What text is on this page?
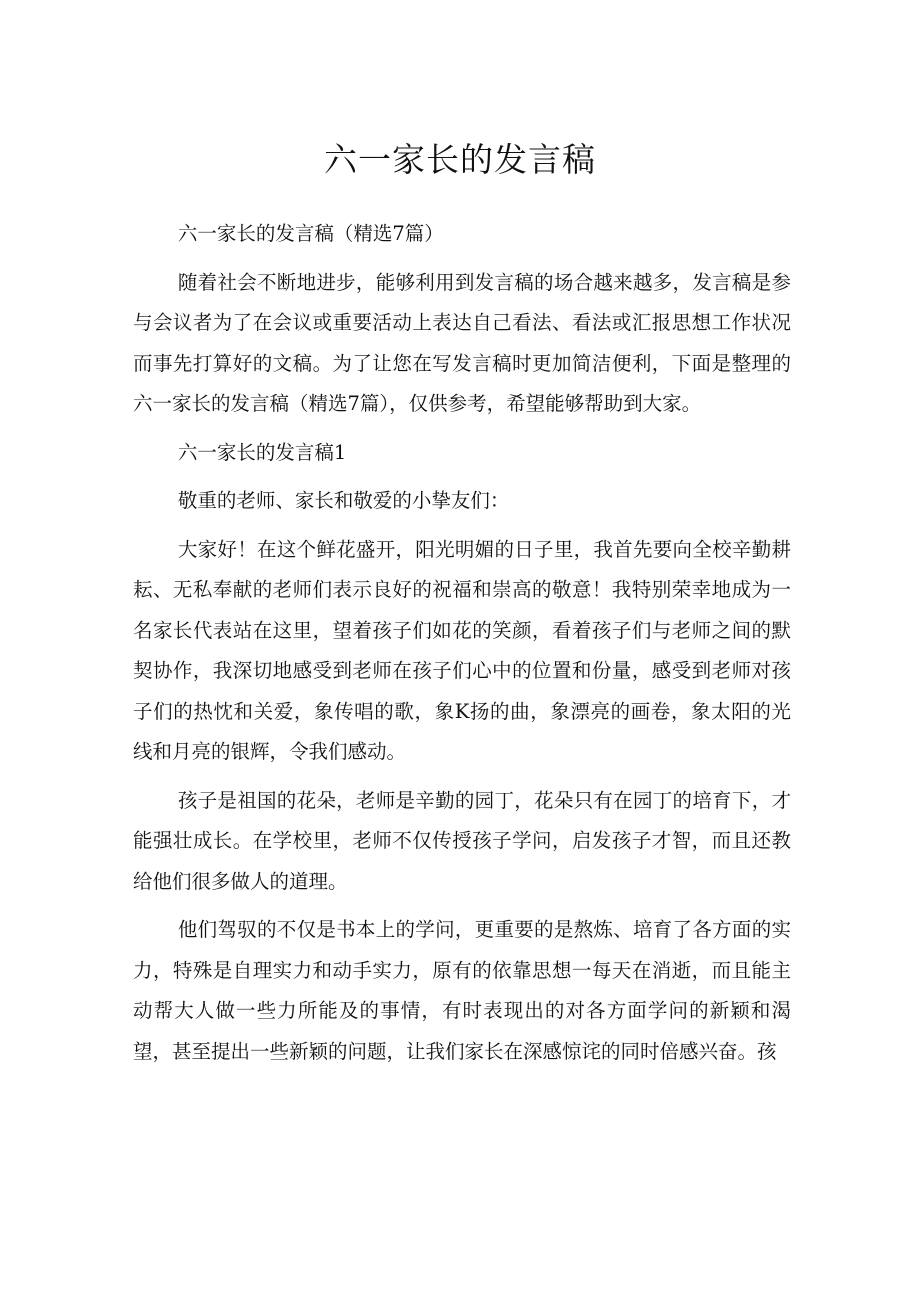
六一家长的发言稿

六一家长的发言稿（精选7篇）

随着社会不断地进步，能够利用到发言稿的场合越来越多，发言稿是参与会议者为了在会议或重要活动上表达自己看法、看法或汇报思想工作状况而事先打算好的文稿。为了让您在写发言稿时更加简洁便利，下面是整理的六一家长的发言稿（精选7篇），仅供参考，希望能够帮助到大家。

六一家长的发言稿1

敬重的老师、家长和敬爱的小挚友们：

大家好！在这个鲜花盛开，阳光明媚的日子里，我首先要向全校辛勤耕耘、无私奉献的老师们表示良好的祝福和崇高的敬意！我特别荣幸地成为一名家长代表站在这里，望着孩子们如花的笑颜，看着孩子们与老师之间的默契协作，我深切地感受到老师在孩子们心中的位置和份量，感受到老师对孩子们的热忱和关爱，象传唱的歌，象K扬的曲，象漂亮的画卷，象太阳的光线和月亮的银辉，令我们感动。

孩子是祖国的花朵，老师是辛勤的园丁，花朵只有在园丁的培育下，才能强壮成长。在学校里，老师不仅传授孩子学问，启发孩子才智，而且还教给他们很多做人的道理。

他们驾驭的不仅是书本上的学问，更重要的是熬炼、培育了各方面的实力，特殊是自理实力和动手实力，原有的依靠思想一每天在消逝，而且能主动帮大人做一些力所能及的事情，有时表现出的对各方面学问的新颖和渴望，甚至提出一些新颖的问题，让我们家长在深感惊诧的同时倍感兴奋。孩
